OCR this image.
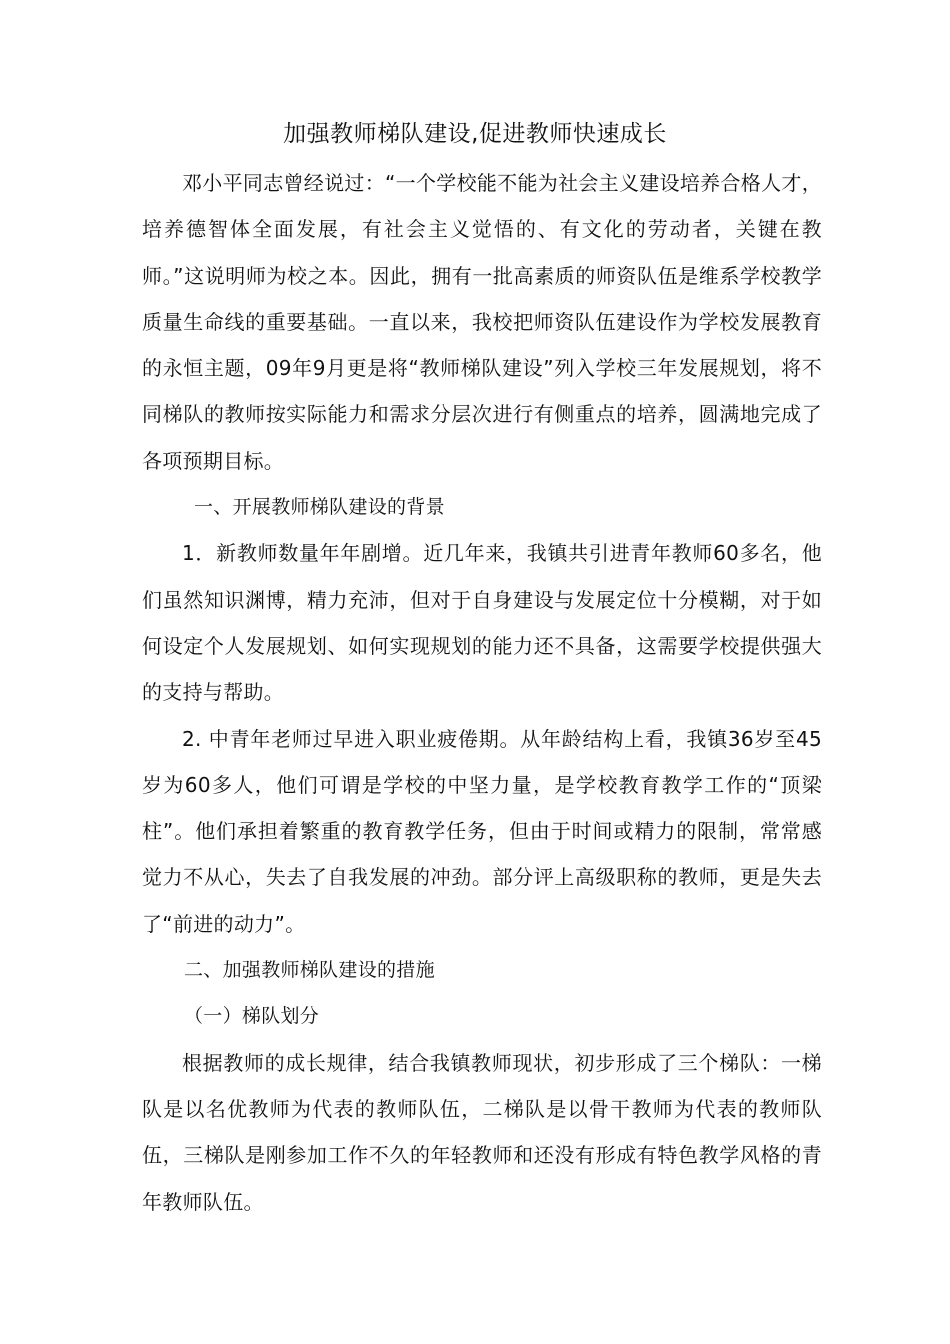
加强教师梯队建设,促进教师快速成长

邓小平同志曾经说过：“一个学校能不能为社会主义建设培养合格人才，培养德智体全面发展，有社会主义觉悟的、有文化的劳动者，关键在教师。”这说明师为校之本。因此，拥有一批高素质的师资队伍是维系学校教学质量生命线的重要基础。一直以来，我校把师资队伍建设作为学校发展教育的永恒主题，09年9月更是将“教师梯队建设”列入学校三年发展规划，将不同梯队的教师按实际能力和需求分层次进行有侧重点的培养，圆满地完成了各项预期目标。

一、开展教师梯队建设的背景

1．新教师数量年年剧增。近几年来，我镇共引进青年教师60多名，他们虽然知识渊博，精力充沛，但对于自身建设与发展定位十分模糊，对于如何设定个人发展规划、如何实现规划的能力还不具备，这需要学校提供强大的支持与帮助。

2. 中青年老师过早进入职业疲倦期。从年龄结构上看，我镇36岁至45岁为60多人，他们可谓是学校的中坚力量，是学校教育教学工作的“顶梁柱”。他们承担着繁重的教育教学任务，但由于时间或精力的限制，常常感觉力不从心，失去了自我发展的冲劲。部分评上高级职称的教师，更是失去了“前进的动力”。

二、加强教师梯队建设的措施

（一）梯队划分

根据教师的成长规律，结合我镇教师现状，初步形成了三个梯队：一梯队是以名优教师为代表的教师队伍，二梯队是以骨干教师为代表的教师队伍，三梯队是刚参加工作不久的年轻教师和还没有形成有特色教学风格的青年教师队伍。
